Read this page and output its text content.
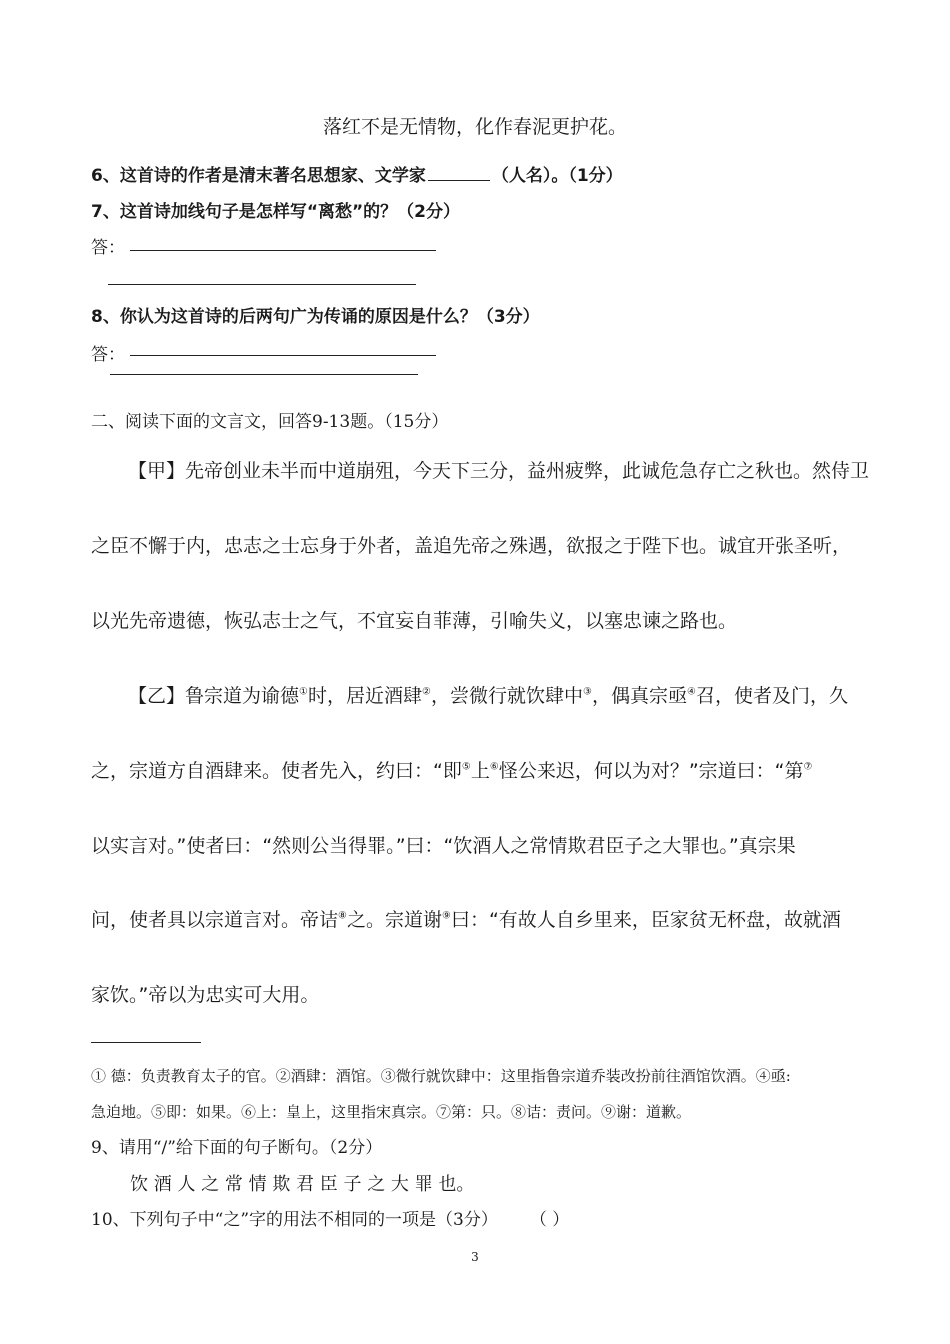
落红不是无情物，化作春泥更护花。
6、这首诗的作者是清末著名思想家、文学家	（人名）。（1分）
7、这首诗加线句子是怎样写“离愁”的？（2分）
答：
8、你认为这首诗的后两句广为传诵的原因是什么？（3分）
答：
二、阅读下面的文言文，回答9-13题。（15分）
【甲】先帝创业未半而中道崩殂，今天下三分，益州疲弊，此诚危急存亡之秋也。然侍卫
之臣不懈于内，忠志之士忘身于外者，盖追先帝之殊遇，欲报之于陛下也。诚宜开张圣听，
以光先帝遗德，恢弘志士之气，不宜妄自菲薄，引喻失义，以塞忠谏之路也。
【乙】鲁宗道为谕德①时，居近酒肆②，尝微行就饮肆中③，偶真宗亟④召，使者及门，久
之，宗道方自酒肆来。使者先入，约曰：“即⑤上⑥怪公来迟，何以为对？”宗道曰：“第⑦
以实言对。”使者曰：“然则公当得罪。”曰：“饮酒人之常情欺君臣子之大罪也。”真宗果
问，使者具以宗道言对。帝诘⑧之。宗道谢⑨曰：“有故人自乡里来，臣家贫无杯盘，故就酒
家饮。”帝以为忠实可大用。
① 德：负责教育太子的官。②酒肆：酒馆。③微行就饮肆中：这里指鲁宗道乔装改扮前往酒馆饮酒。④亟:
急迫地。⑤即：如果。⑥上：皇上，这里指宋真宗。⑦第：只。⑧诘：责问。⑨谢：道歉。
9、请用“/”给下面的句子断句。（2分）
饮 酒 人 之 常 情 欺 君 臣 子 之 大 罪 也。
10、下列句子中“之”字的用法不相同的一项是（3分） （ ）
3
